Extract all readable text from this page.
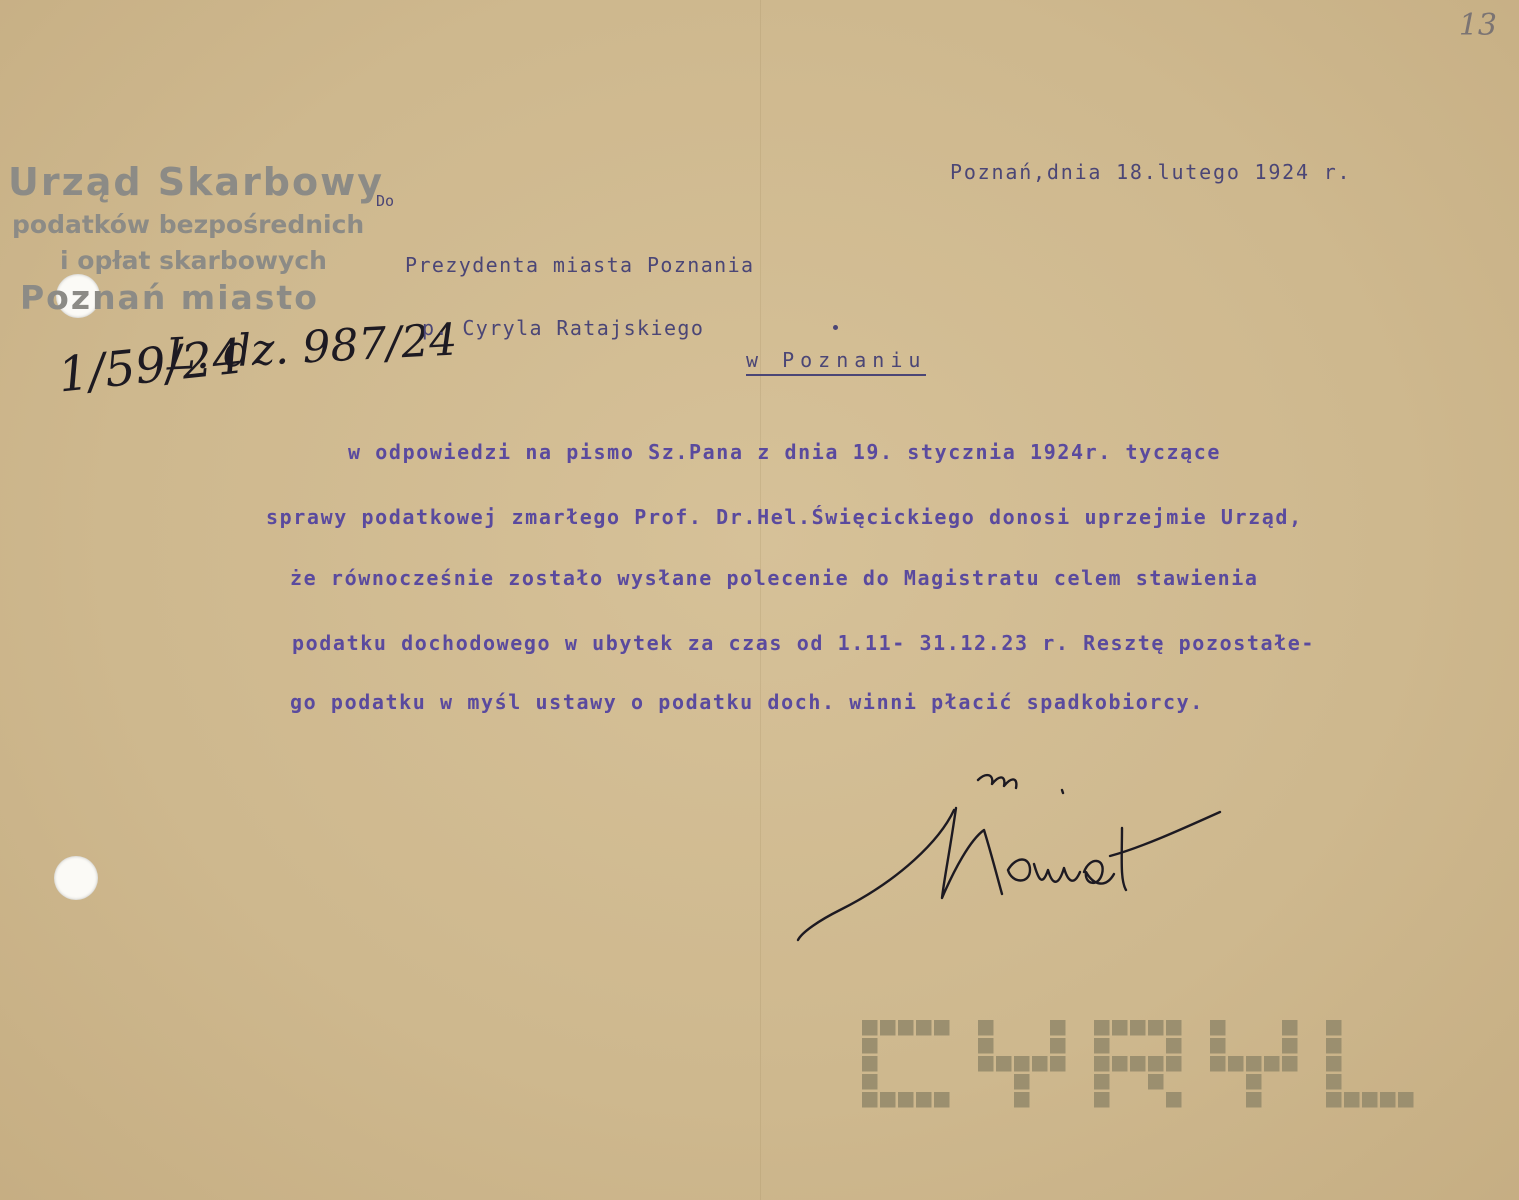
13
Urząd Skarbowy
podatków bezpośrednich
i opłat skarbowych
Poznań miasto
L. dz. 987/24
1/59/24
Poznań,dnia 18.lutego 1924 r.
Do
Prezydenta miasta Poznania
p. Cyryla Ratajskiego
w Poznaniu
w odpowiedzi na pismo Sz.Pana z dnia 19. stycznia 1924r. tyczące
sprawy podatkowej zmarłego Prof. Dr.Hel.Święcickiego donosi uprzejmie Urząd,
że równocześnie zostało wysłane polecenie do Magistratu celem stawienia
podatku dochodowego w ubytek za czas od 1.11- 31.12.23 r. Resztę pozostałe-
go podatku w myśl ustawy o podatku doch. winni płacić spadkobiorcy.
